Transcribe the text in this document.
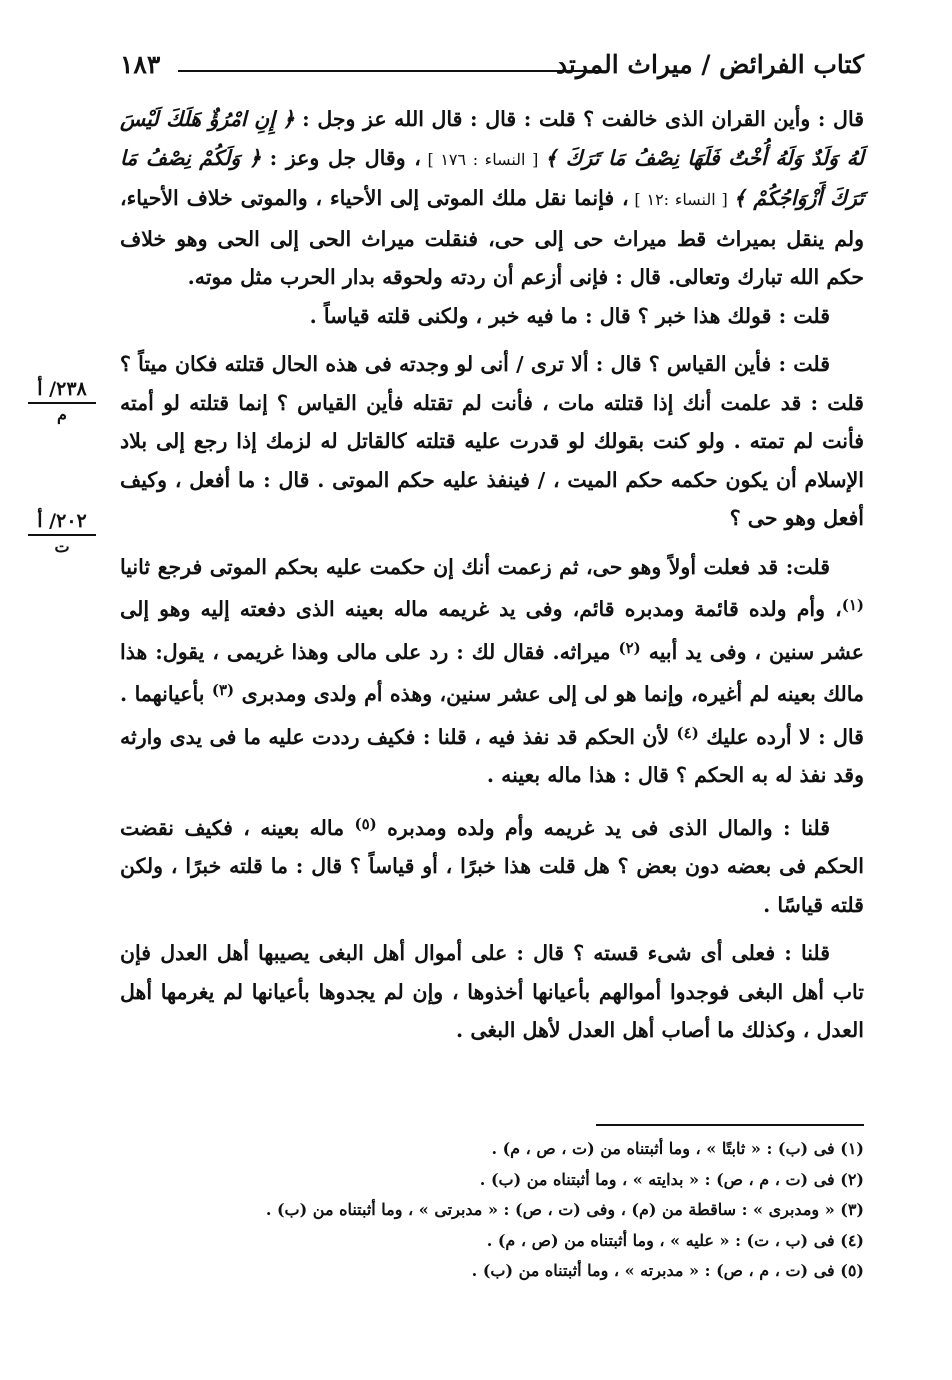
كتاب الفرائض / ميراث المرتد
١٨٣

قال : وأين القران الذى خالفت ؟ قلت : قال : قال الله عز وجل : ﴿ إِنِ امْرُؤٌ هَلَكَ لَيْسَ لَهُ وَلَدٌ وَلَهُ أُخْتٌ فَلَهَا نِصْفُ مَا تَرَكَ ﴾ [ النساء : ١٧٦ ] ، وقال جل وعز : ﴿ وَلَكُمْ نِصْفُ مَا تَرَكَ أَزْوَاجُكُمْ ﴾ [ النساء :١٢ ] ، فإنما نقل ملك الموتى إلى الأحياء ، والموتى خلاف الأحياء، ولم ينقل بميراث قط ميراث حى إلى حى، فنقلت ميراث الحى إلى الحى وهو خلاف حكم الله تبارك وتعالى. قال : فإنى أزعم أن ردته ولحوقه بدار الحرب مثل موته.

قلت : قولك هذا خبر ؟ قال : ما فيه خبر ، ولكنى قلته قياساً .

قلت : فأين القياس ؟ قال : ألا ترى / أنى لو وجدته فى هذه الحال قتلته فكان ميتاً ؟ قلت : قد علمت أنك إذا قتلته مات ، فأنت لم تقتله فأين القياس ؟ إنما قتلته لو أمته فأنت لم تمته . ولو كنت بقولك لو قدرت عليه قتلته كالقاتل له لزمك إذا رجع إلى بلاد الإسلام أن يكون حكمه حكم الميت ، / فينفذ عليه حكم الموتى . قال : ما أفعل ، وكيف أفعل وهو حى ؟

قلت: قد فعلت أولاً وهو حى، ثم زعمت أنك إن حكمت عليه بحكم الموتى فرجع ثانيا $^{(١)}$، وأم ولده قائمة ومدبره قائم، وفى يد غريمه ماله بعينه الذى دفعته إليه وهو إلى عشر سنين ، وفى يد أبيه $^{(٢)}$ ميراثه. فقال لك : رد على مالى وهذا غريمى ، يقول: هذا مالك بعينه لم أغيره، وإنما هو لى إلى عشر سنين، وهذه أم ولدى ومدبرى $^{(٣)}$ بأعيانهما . قال : لا أرده عليك $^{(٤)}$ لأن الحكم قد نفذ فيه ، قلنا : فكيف رددت عليه ما فى يدى وارثه وقد نفذ له به الحكم ؟ قال : هذا ماله بعينه .

قلنا : والمال الذى فى يد غريمه وأم ولده ومدبره $^{(٥)}$ ماله بعينه ، فكيف نقضت الحكم فى بعضه دون بعض ؟ هل قلت هذا خبرًا ، أو قياساً ؟ قال : ما قلته خبرًا ، ولكن قلته قياسًا .

قلنا : فعلى أى شىء قسته ؟ قال : على أموال أهل البغى يصيبها أهل العدل فإن تاب أهل البغى فوجدوا أموالهم بأعيانها أخذوها ، وإن لم يجدوها بأعيانها لم يغرمها أهل العدل ، وكذلك ما أصاب أهل العدل لأهل البغى .

٢٣٨/ أ
م
٢٠٢/ أ
ت

(١) فى (ب) : « ثابتًا » ، وما أثبتناه من (ت ، ص ، م) .

(٢) فى (ت ، م ، ص) : « بدايته » ، وما أثبتناه من (ب) .

(٣) « ومدبرى » : ساقطة من (م) ، وفى (ت ، ص) : « مدبرتى » ، وما أثبتناه من (ب) .

(٤) فى (ب ، ت) : « عليه » ، وما أثبتناه من (ص ، م) .

(٥) فى (ت ، م ، ص) : « مدبرته » ، وما أثبتناه من (ب) .
